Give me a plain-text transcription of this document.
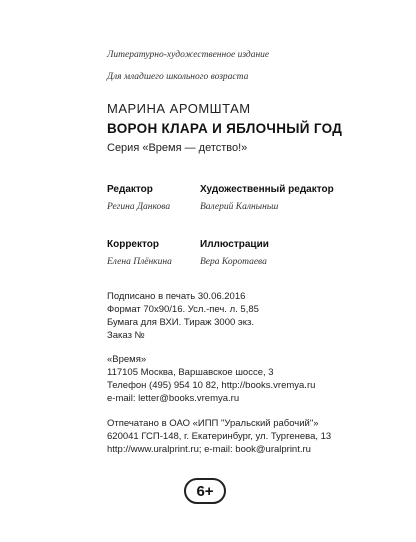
Литературно-художественное издание
Для младшего школьного возраста
МАРИНА АРОМШТАМ
ВОРОН КЛАРА И ЯБЛОЧНЫЙ ГОД
Серия «Время — детство!»
Редактор
Регина Данкова
Художественный редактор
Валерий Калныньш
Корректор
Елена Плёнкина
Иллюстрации
Вера Коротаева
Подписано в печать 30.06.2016
Формат 70х90/16. Усл.-печ. л. 5,85
Бумага для ВХИ. Тираж 3000 экз.
Заказ №
«Время»
117105 Москва, Варшавское шоссе, 3
Телефон (495) 954 10 82, http://books.vremya.ru
e-mail: letter@books.vremya.ru
Отпечатано в ОАО «ИПП "Уральский рабочий"»
620041 ГСП-148, г. Екатеринбург, ул. Тургенева, 13
http://www.uralprint.ru; e-mail: book@uralprint.ru
6+
